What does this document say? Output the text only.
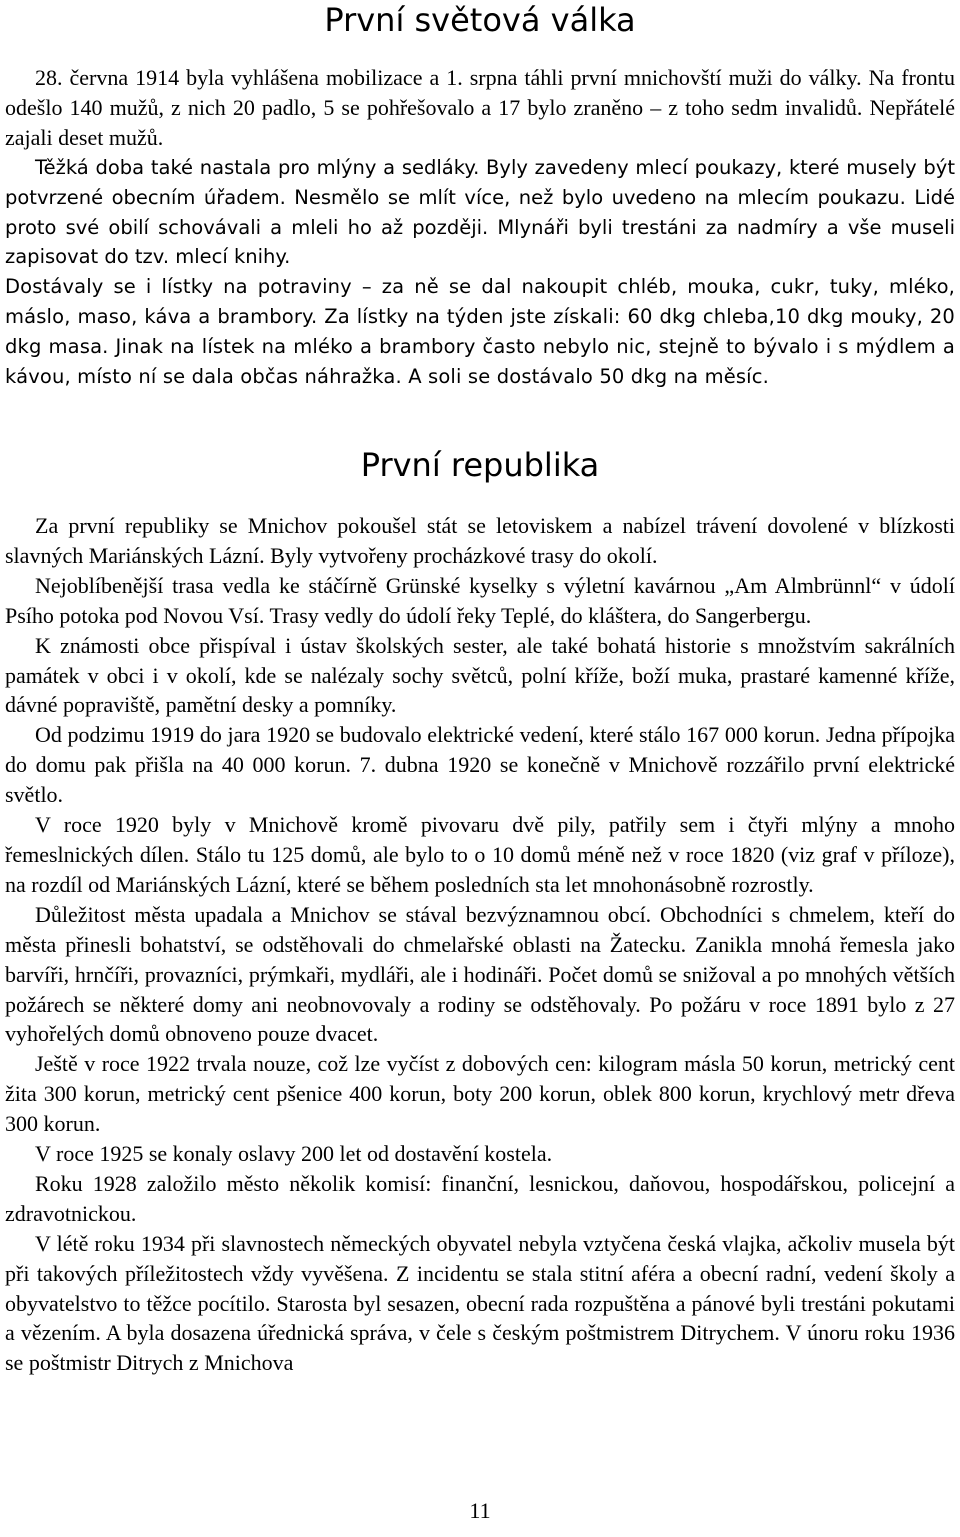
První světová válka

28. června 1914 byla vyhlášena mobilizace a 1. srpna táhli první mnichovští muži do války. Na frontu odešlo 140 mužů, z nich 20 padlo, 5 se pohřešovalo a 17 bylo zraněno – z toho sedm invalidů. Nepřátelé zajali deset mužů.

Těžká doba také nastala pro mlýny a sedláky. Byly zavedeny mlecí poukazy, které musely být potvrzené obecním úřadem. Nesmělo se mlít více, než bylo uvedeno na mlecím poukazu. Lidé proto své obilí schovávali a mleli ho až později. Mlynáři byli trestáni za nadmíry a vše museli zapisovat do tzv. mlecí knihy.

Dostávaly se i lístky na potraviny – za ně se dal nakoupit chléb, mouka, cukr, tuky, mléko, máslo, maso, káva a brambory. Za lístky na týden jste získali: 60 dkg chleba,10 dkg mouky, 20 dkg masa. Jinak na lístek na mléko a brambory často nebylo nic, stejně to bývalo i s mýdlem a kávou, místo ní se dala občas náhražka. A soli se dostávalo 50 dkg na měsíc.

První republika

Za první republiky se Mnichov pokoušel stát se letoviskem a nabízel trávení dovolené v blízkosti slavných Mariánských Lázní. Byly vytvořeny procházkové trasy do okolí.

Nejoblíbenější trasa vedla ke stáčírně Grünské kyselky s výletní kavárnou „Am Almbrünnl“ v údolí Psího potoka pod Novou Vsí. Trasy vedly do údolí řeky Teplé, do kláštera, do Sangerbergu.

K známosti obce přispíval i ústav školských sester, ale také bohatá historie s množstvím sakrálních památek v obci i v okolí, kde se nalézaly sochy světců, polní kříže, boží muka, prastaré kamenné kříže, dávné popraviště, pamětní desky a pomníky.

Od podzimu 1919 do jara 1920 se budovalo elektrické vedení, které stálo 167 000 korun. Jedna přípojka do domu pak přišla na 40 000 korun. 7. dubna 1920 se konečně v Mnichově rozzářilo první elektrické světlo.

V roce 1920 byly v Mnichově kromě pivovaru dvě pily, patřily sem i čtyři mlýny a mnoho řemeslnických dílen. Stálo tu 125 domů, ale bylo to o 10 domů méně než v roce 1820 (viz graf v příloze), na rozdíl od Mariánských Lázní, které se během posledních sta let mnohonásobně rozrostly.

Důležitost města upadala a Mnichov se stával bezvýznamnou obcí. Obchodníci s chmelem, kteří do města přinesli bohatství, se odstěhovali do chmelařské oblasti na Žatecku. Zanikla mnohá řemesla jako barvíři, hrnčíři, provazníci, prýmkaři, mydláři, ale i hodináři. Počet domů se snižoval a po mnohých větších požárech se některé domy ani neobnovovaly a rodiny se odstěhovaly. Po požáru v roce 1891 bylo z 27 vyhořelých domů obnoveno pouze dvacet.

Ještě v roce 1922 trvala nouze, což lze vyčíst z dobových cen: kilogram másla 50 korun, metrický cent žita 300 korun, metrický cent pšenice 400 korun, boty 200 korun, oblek 800 korun, krychlový metr dřeva 300 korun.

V roce 1925 se konaly oslavy 200 let od dostavění kostela.

Roku 1928 založilo město několik komisí: finanční, lesnickou, daňovou, hospodářskou, policejní a zdravotnickou.

V létě roku 1934 při slavnostech německých obyvatel nebyla vztyčena česká vlajka, ačkoliv musela být při takových příležitostech vždy vyvěšena. Z incidentu se stala stitní aféra a obecní radní, vedení školy a obyvatelstvo to těžce pocítilo. Starosta byl sesazen, obecní rada rozpuštěna a pánové byli trestáni pokutami a vězením. A byla dosazena úřednická správa, v čele s českým poštmistrem Ditrychem. V únoru roku 1936 se poštmistr Ditrych z Mnichova

11
